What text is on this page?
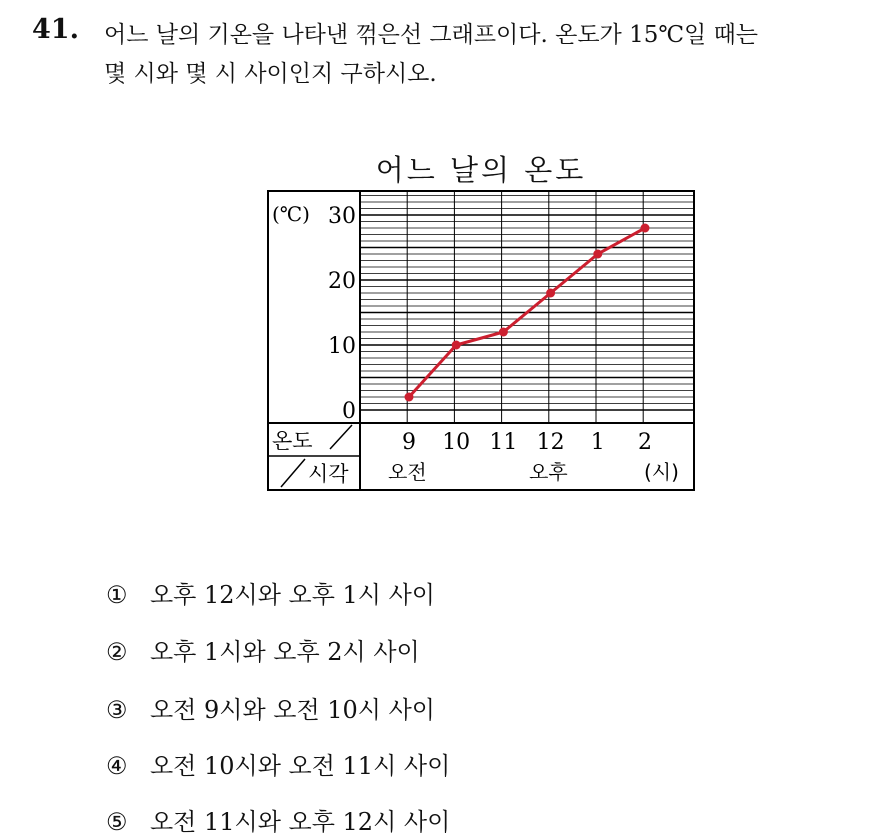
41. 어느 날의 기온을 나타낸 꺾은선 그래프이다. 온도가 15℃일 때는
몇 시와 몇 시 사이인지 구하시오.
어느 날의 온도
(℃)
온도
시각 오전	오후	(시)
0
10
20
30
9 10 11 12 1 2
① 오후 12시와 오후 1시 사이
② 오후 1시와 오후 2시 사이
③ 오전 9시와 오전 10시 사이
④ 오전 10시와 오전 11시 사이
⑤ 오전 11시와 오후 12시 사이
